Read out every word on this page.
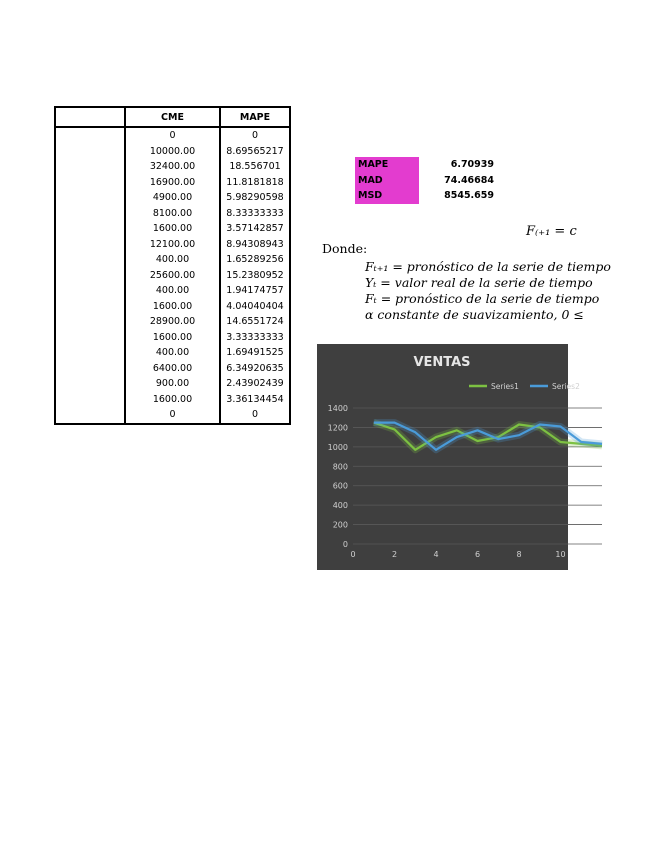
	CME	MAPE
	0	0
	10000.00	8.69565217
	32400.00	18.556701
	16900.00	11.8181818
	4900.00	5.98290598
	8100.00	8.33333333
	1600.00	3.57142857
	12100.00	8.94308943
	400.00	1.65289256
	25600.00	15.2380952
	400.00	1.94174757
	1600.00	4.04040404
	28900.00	14.6551724
	1600.00	3.33333333
	400.00	1.69491525
	6400.00	6.34920635
	900.00	2.43902439
	1600.00	3.36134454
	0	0
MAPE	6.70939
MAD	74.46684
MSD	8545.659
F₍₊₁ = c
Donde:
Fₜ₊₁ = pronóstico de la serie de tiempo
Yₜ = valor real de la serie de tiempo
Fₜ = pronóstico de la serie de tiempo
α constante de suavizamiento, 0 ≤
VENTAS
Series1	Series2
0
200
400
600
800
1000
1200
1400
0	2	4	6	8	10
